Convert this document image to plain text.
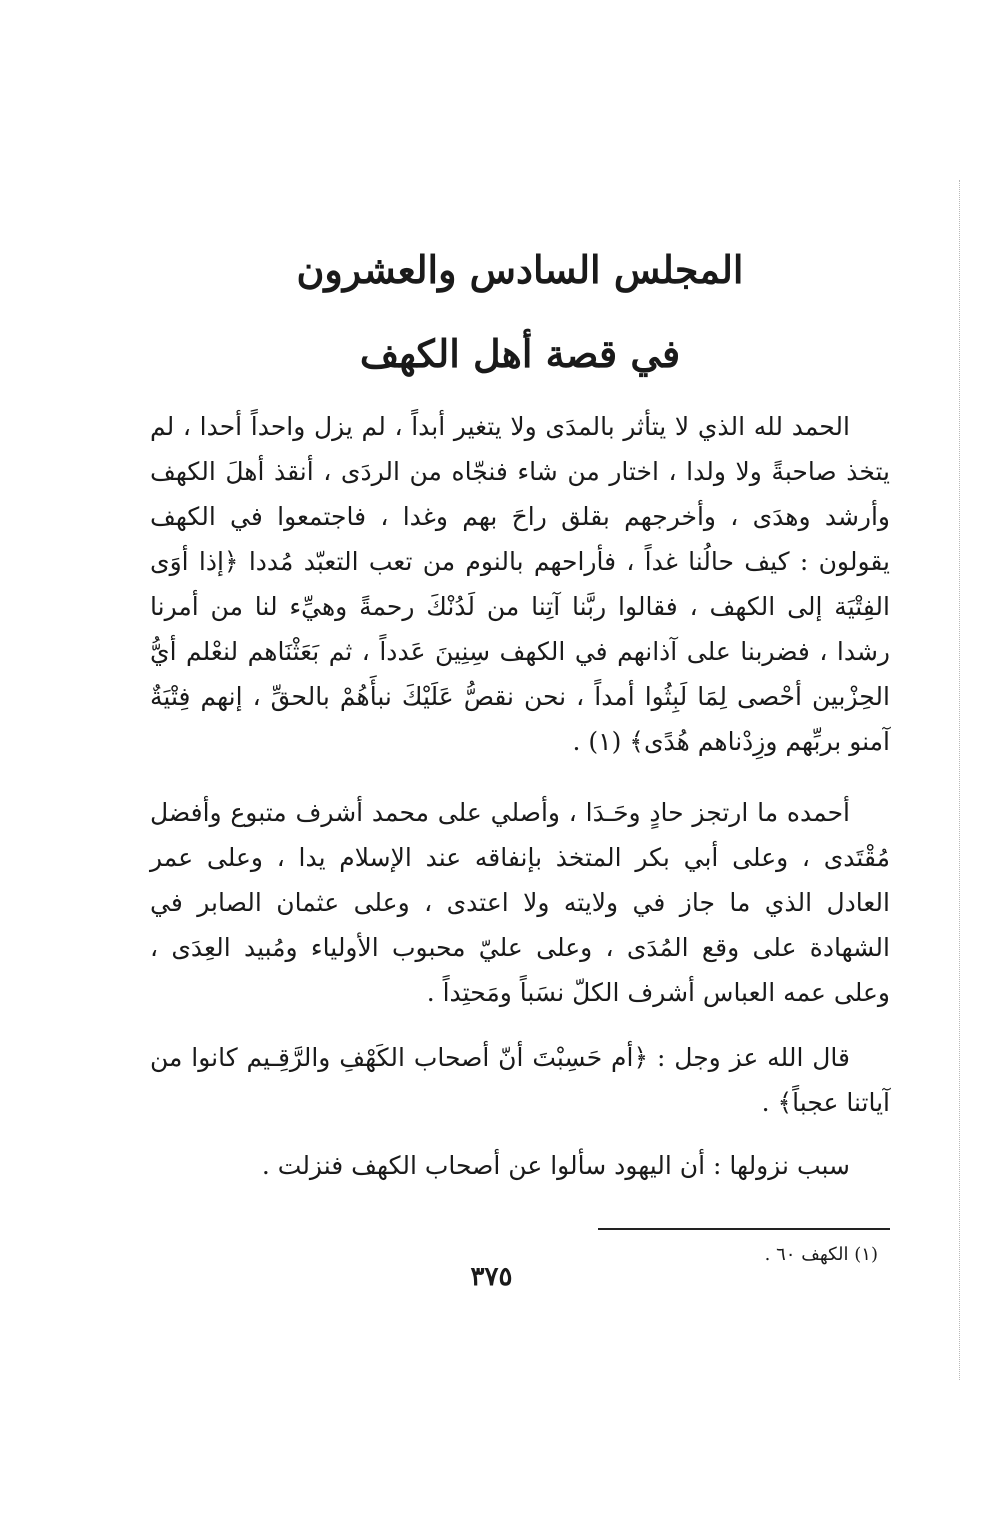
المجلس السادس والعشرون
في قصة أهل الكهف

الحمد لله الذي لا يتأثر بالمدَى ولا يتغير أبداً ، لم يزل واحداً أحدا ، لم يتخذ صاحبةً ولا ولدا ، اختار من شاء فنجّاه من الردَى ، أنقذ أهلَ الكهف وأرشد وهدَى ، وأخرجهم بقلق راحَ بهم وغدا ، فاجتمعوا في الكهف يقولون : كيف حالُنا غداً ، فأراحهم بالنوم من تعب التعبّد مُددا ﴿إذا أوَى الفِتْيَة إلى الكهف ، فقالوا ربَّنا آتِنا من لَدُنْكَ رحمةً وهيِّء لنا من أمرنا رشدا ، فضربنا على آذانهم في الكهف سِنِينَ عَدداً ، ثم بَعَثْنَاهم لنعْلم أيُّ الحِزْبين أحْصى لِمَا لَبِثُوا أمداً ، نحن نقصُّ عَلَيْكَ نبأَهُمْ بالحقِّ ، إنهم فِتْيَةٌ آمنو بربِّهم وزِدْناهم هُدًى﴾ (١) .

أحمده ما ارتجز حادٍ وحَـدَا ، وأصلي على محمد أشرف متبوع وأفضل مُقْتَدى ، وعلى أبي بكر المتخذ بإنفاقه عند الإسلام يدا ، وعلى عمر العادل الذي ما جاز في ولايته ولا اعتدى ، وعلى عثمان الصابر في الشهادة على وقع المُدَى ، وعلى عليّ محبوب الأولياء ومُبيد العِدَى ، وعلى عمه العباس أشرف الكلّ نسَباً ومَحتِداً .

قال الله عز وجل : ﴿أم حَسِبْتَ أنّ أصحاب الكَهْفِ والرَّقِـيم كانوا من آياتنا عجباً﴾ .

سبب نزولها : أن اليهود سألوا عن أصحاب الكهف فنزلت .

(١) الكهف ٦٠ .

٣٧٥
